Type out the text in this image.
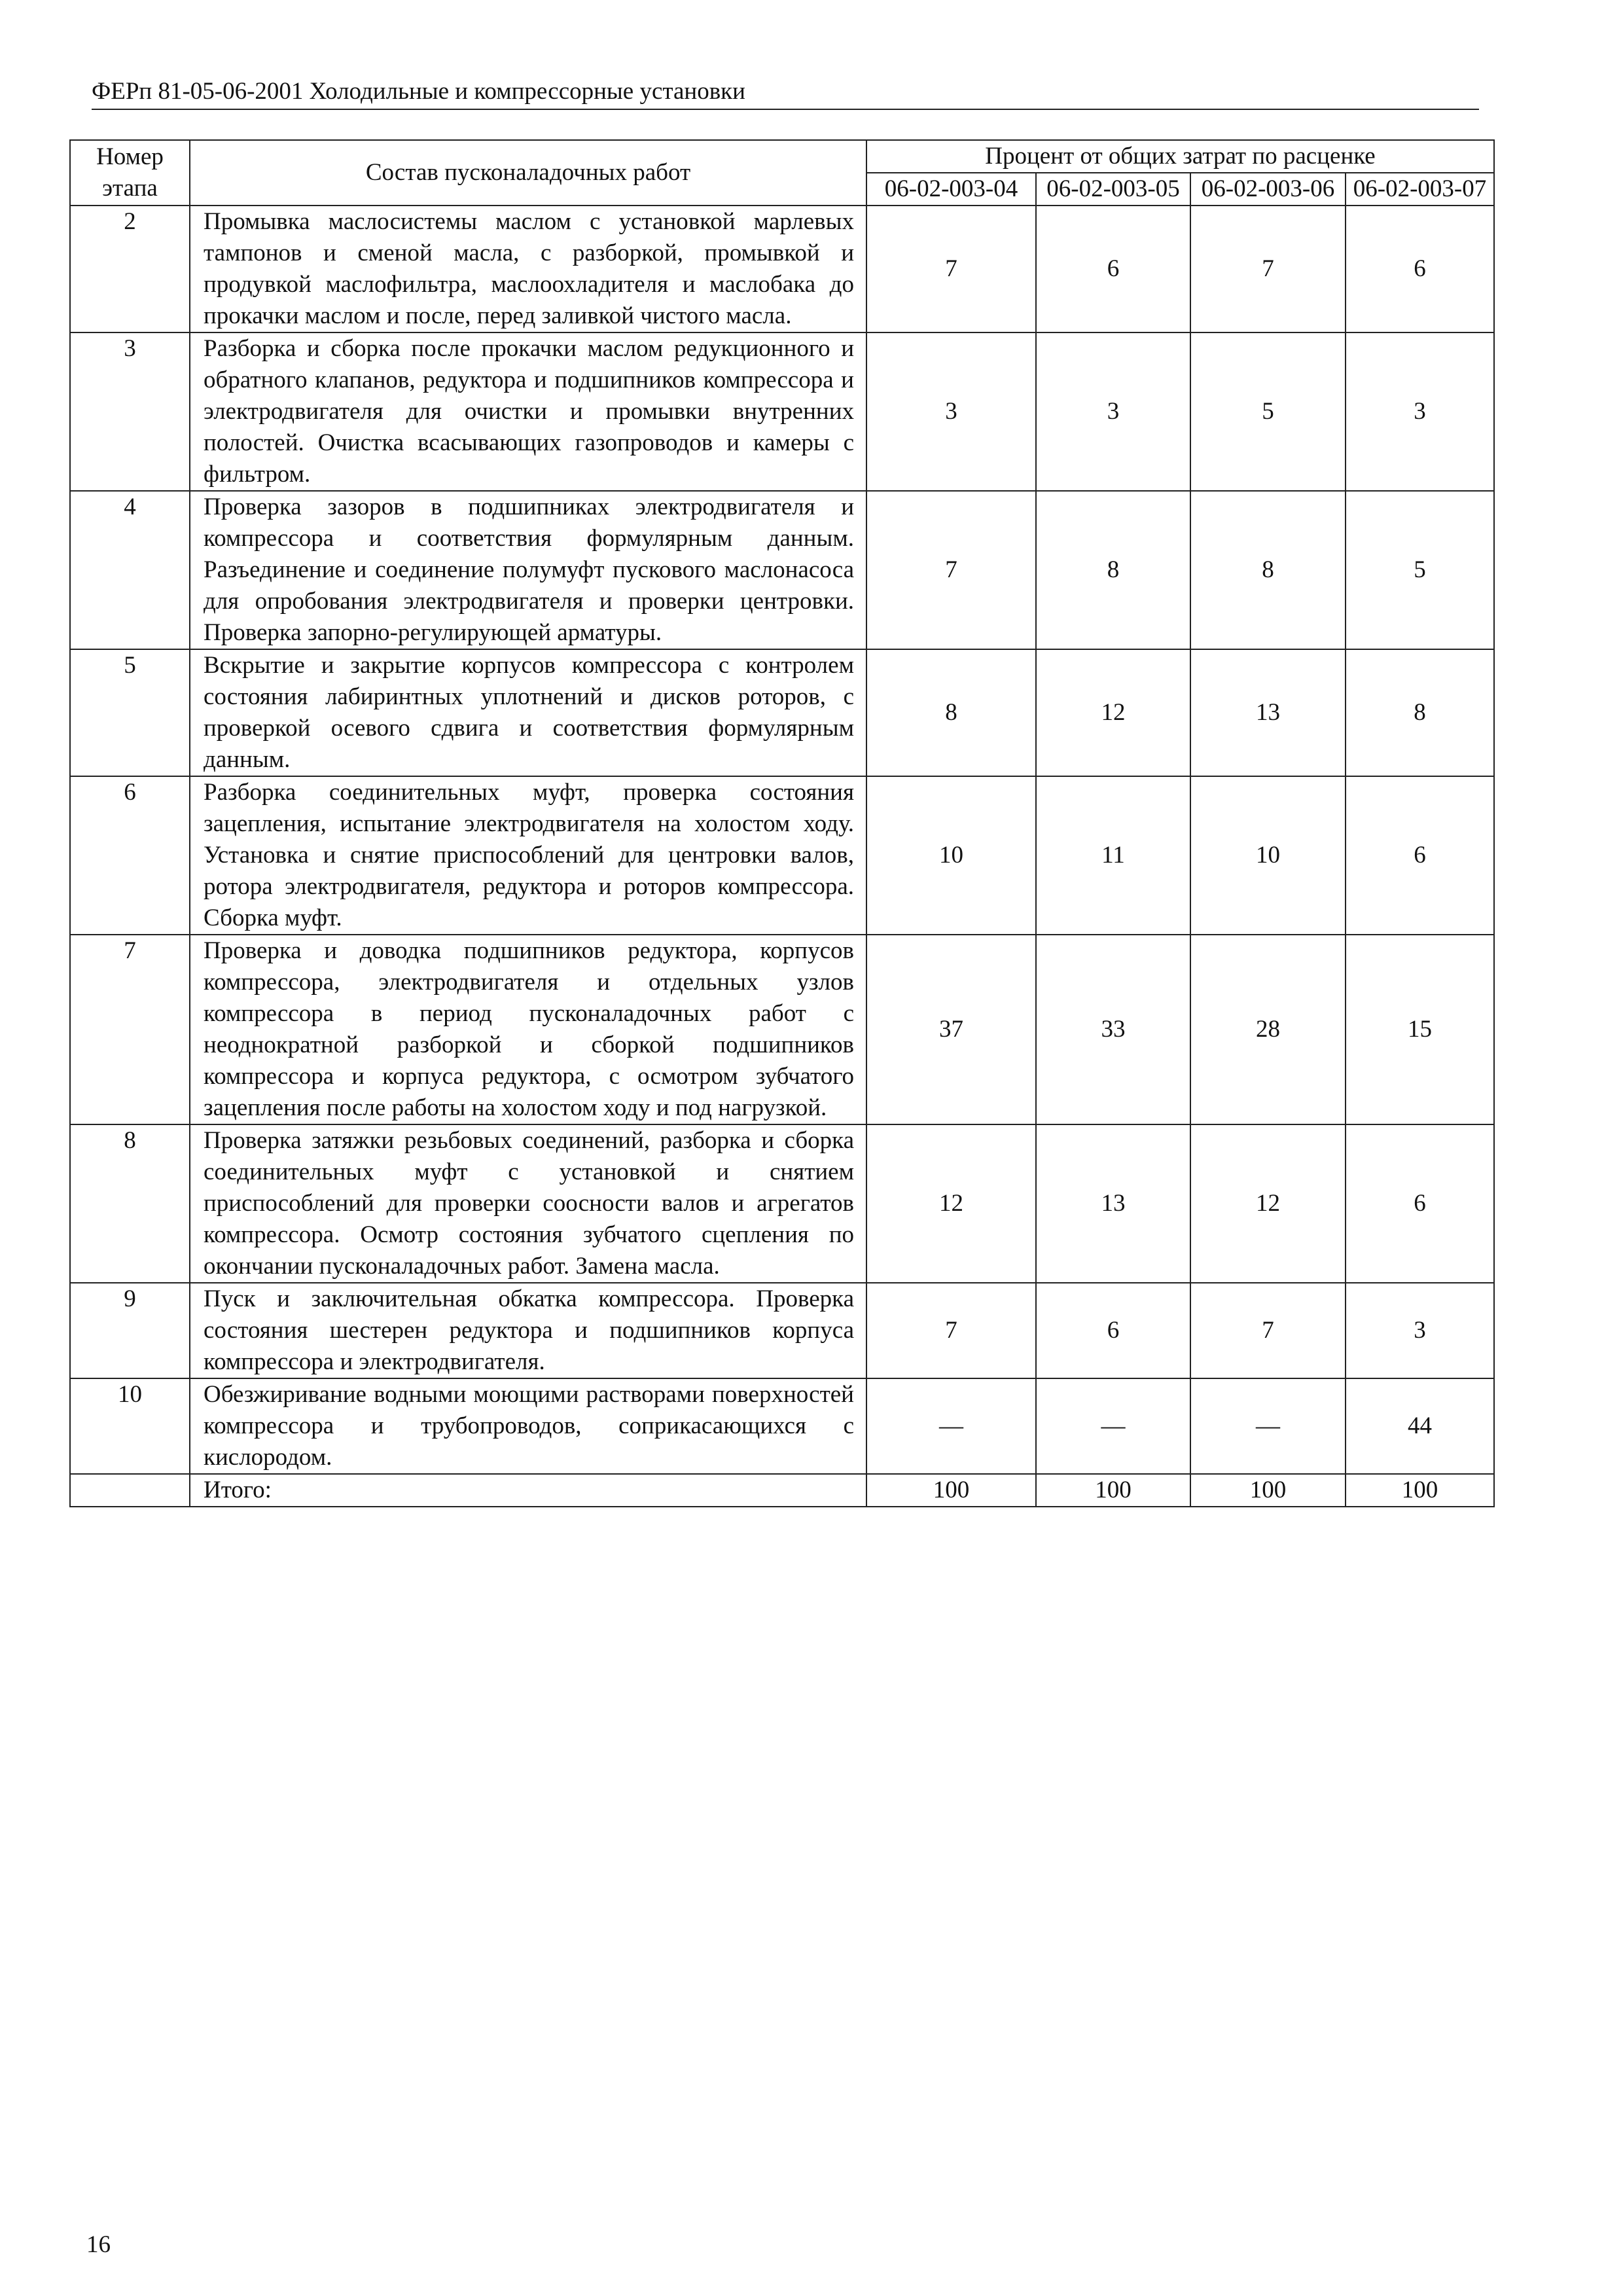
ФЕРп 81-05-06-2001 Холодильные и компрессорные установки
Номер этапа	Состав пусконаладочных работ	Процент от общих затрат по расценке			
		06-02-003-04	06-02-003-05	06-02-003-06	06-02-003-07
2	Промывка маслосистемы маслом с установкой марлевых тампонов и сменой масла, с разборкой, промывкой и продувкой маслофильтра, маслоохладителя и маслобака до прокачки маслом и после, перед заливкой чистого масла.	7	6	7	6
3	Разборка и сборка после прокачки маслом редукционного и обратного клапанов, редуктора и подшипников компрессора и электродвигателя для очистки и промывки внутренних полостей. Очистка всасывающих газопроводов и камеры с фильтром.	3	3	5	3
4	Проверка зазоров в подшипниках электродвигателя и компрессора и соответствия формулярным данным. Разъединение и соединение полумуфт пускового маслонасоса для опробования электродвигателя и проверки центровки. Проверка запорно-регулирующей арматуры.	7	8	8	5
5	Вскрытие и закрытие корпусов компрессора с контролем состояния лабиринтных уплотнений и дисков роторов, с проверкой осевого сдвига и соответствия формулярным данным.	8	12	13	8
6	Разборка соединительных муфт, проверка состояния зацепления, испытание электродвигателя на холостом ходу. Установка и снятие приспособлений для центровки валов, ротора электродвигателя, редуктора и роторов компрессора. Сборка муфт.	10	11	10	6
7	Проверка и доводка подшипников редуктора, корпусов компрессора, электродвигателя и отдельных узлов компрессора в период пусконаладочных работ с неоднократной разборкой и сборкой подшипников компрессора и корпуса редуктора, с осмотром зубчатого зацепления после работы на холостом ходу и под нагрузкой.	37	33	28	15
8	Проверка затяжки резьбовых соединений, разборка и сборка соединительных муфт с установкой и снятием приспособлений для проверки соосности валов и агрегатов компрессора. Осмотр состояния зубчатого сцепления по окончании пусконаладочных работ. Замена масла.	12	13	12	6
9	Пуск и заключительная обкатка компрессора. Проверка состояния шестерен редуктора и подшипников корпуса компрессора и электродвигателя.	7	6	7	3
10	Обезжиривание водными моющими растворами поверхностей компрессора и трубопроводов, соприкасающихся с кислородом.	—	—	—	44
	Итого:	100	100	100	100
16
